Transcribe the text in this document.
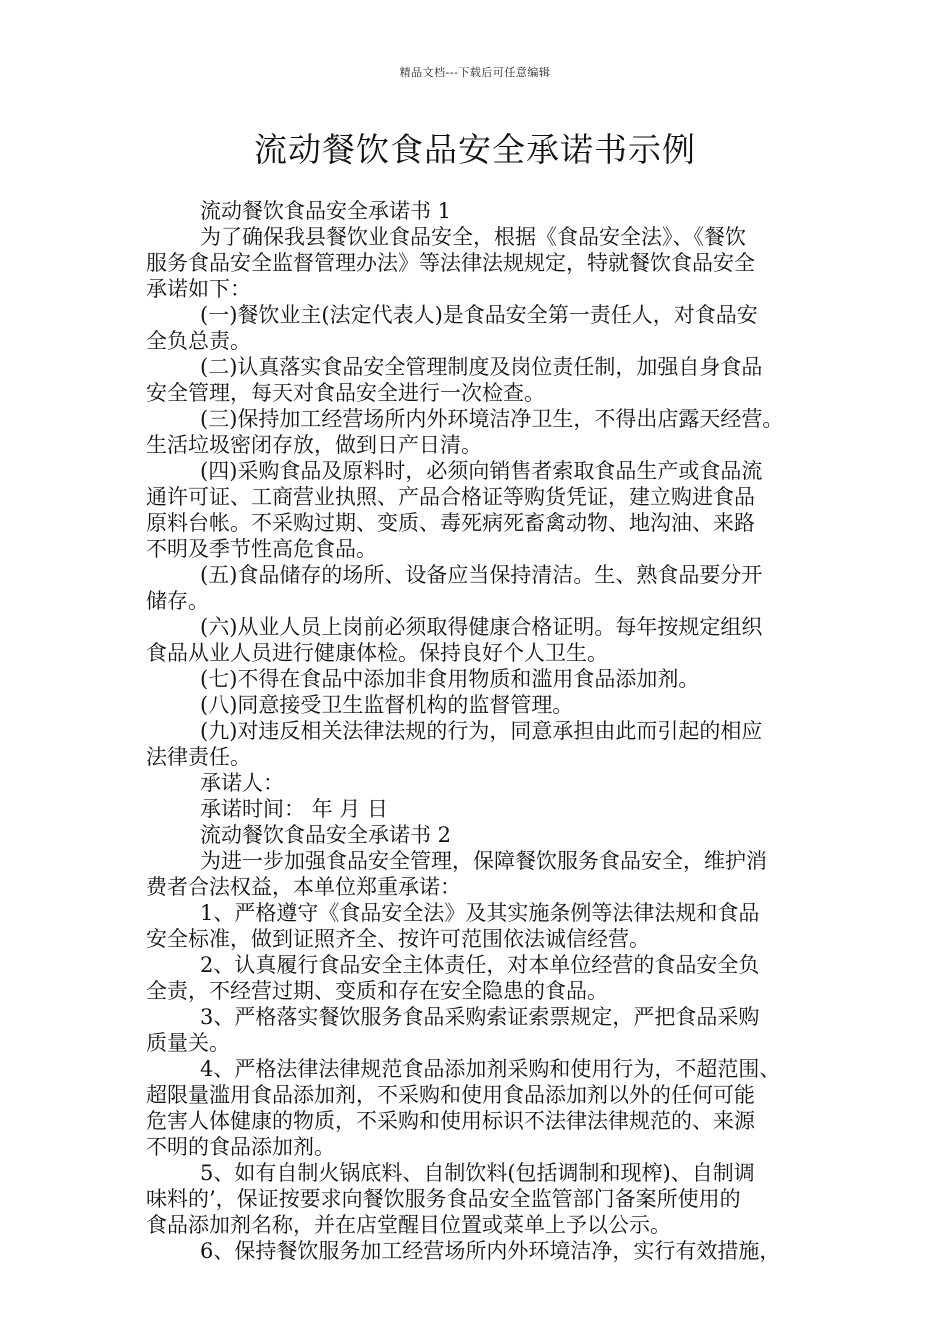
精品文档---下载后可任意编辑
流动餐饮食品安全承诺书示例
流动餐饮食品安全承诺书 1
为了确保我县餐饮业食品安全，根据《食品安全法》、《餐饮
服务食品安全监督管理办法》等法律法规规定，特就餐饮食品安全
承诺如下：
(一)餐饮业主(法定代表人)是食品安全第一责任人，对食品安
全负总责。
(二)认真落实食品安全管理制度及岗位责任制，加强自身食品
安全管理，每天对食品安全进行一次检查。
(三)保持加工经营场所内外环境洁净卫生，不得出店露天经营。
生活垃圾密闭存放，做到日产日清。
(四)采购食品及原料时，必须向销售者索取食品生产或食品流
通许可证、工商营业执照、产品合格证等购货凭证，建立购进食品
原料台帐。不采购过期、变质、毒死病死畜禽动物、地沟油、来路
不明及季节性高危食品。
(五)食品储存的场所、设备应当保持清洁。生、熟食品要分开
储存。
(六)从业人员上岗前必须取得健康合格证明。每年按规定组织
食品从业人员进行健康体检。保持良好个人卫生。
(七)不得在食品中添加非食用物质和滥用食品添加剂。
(八)同意接受卫生监督机构的监督管理。
(九)对违反相关法律法规的行为，同意承担由此而引起的相应
法律责任。
承诺人：
承诺时间： 年 月 日
流动餐饮食品安全承诺书 2
为进一步加强食品安全管理，保障餐饮服务食品安全，维护消
费者合法权益，本单位郑重承诺：
1、严格遵守《食品安全法》及其实施条例等法律法规和食品
安全标准，做到证照齐全、按许可范围依法诚信经营。
2、认真履行食品安全主体责任，对本单位经营的食品安全负
全责，不经营过期、变质和存在安全隐患的食品。
3、严格落实餐饮服务食品采购索证索票规定，严把食品采购
质量关。
4、严格法律法律规范食品添加剂采购和使用行为，不超范围、
超限量滥用食品添加剂，不采购和使用食品添加剂以外的任何可能
危害人体健康的物质，不采购和使用标识不法律法律规范的、来源
不明的食品添加剂。
5、如有自制火锅底料、自制饮料(包括调制和现榨)、自制调
味料的’，保证按要求向餐饮服务食品安全监管部门备案所使用的
食品添加剂名称，并在店堂醒目位置或菜单上予以公示。
6、保持餐饮服务加工经营场所内外环境洁净，实行有效措施，
